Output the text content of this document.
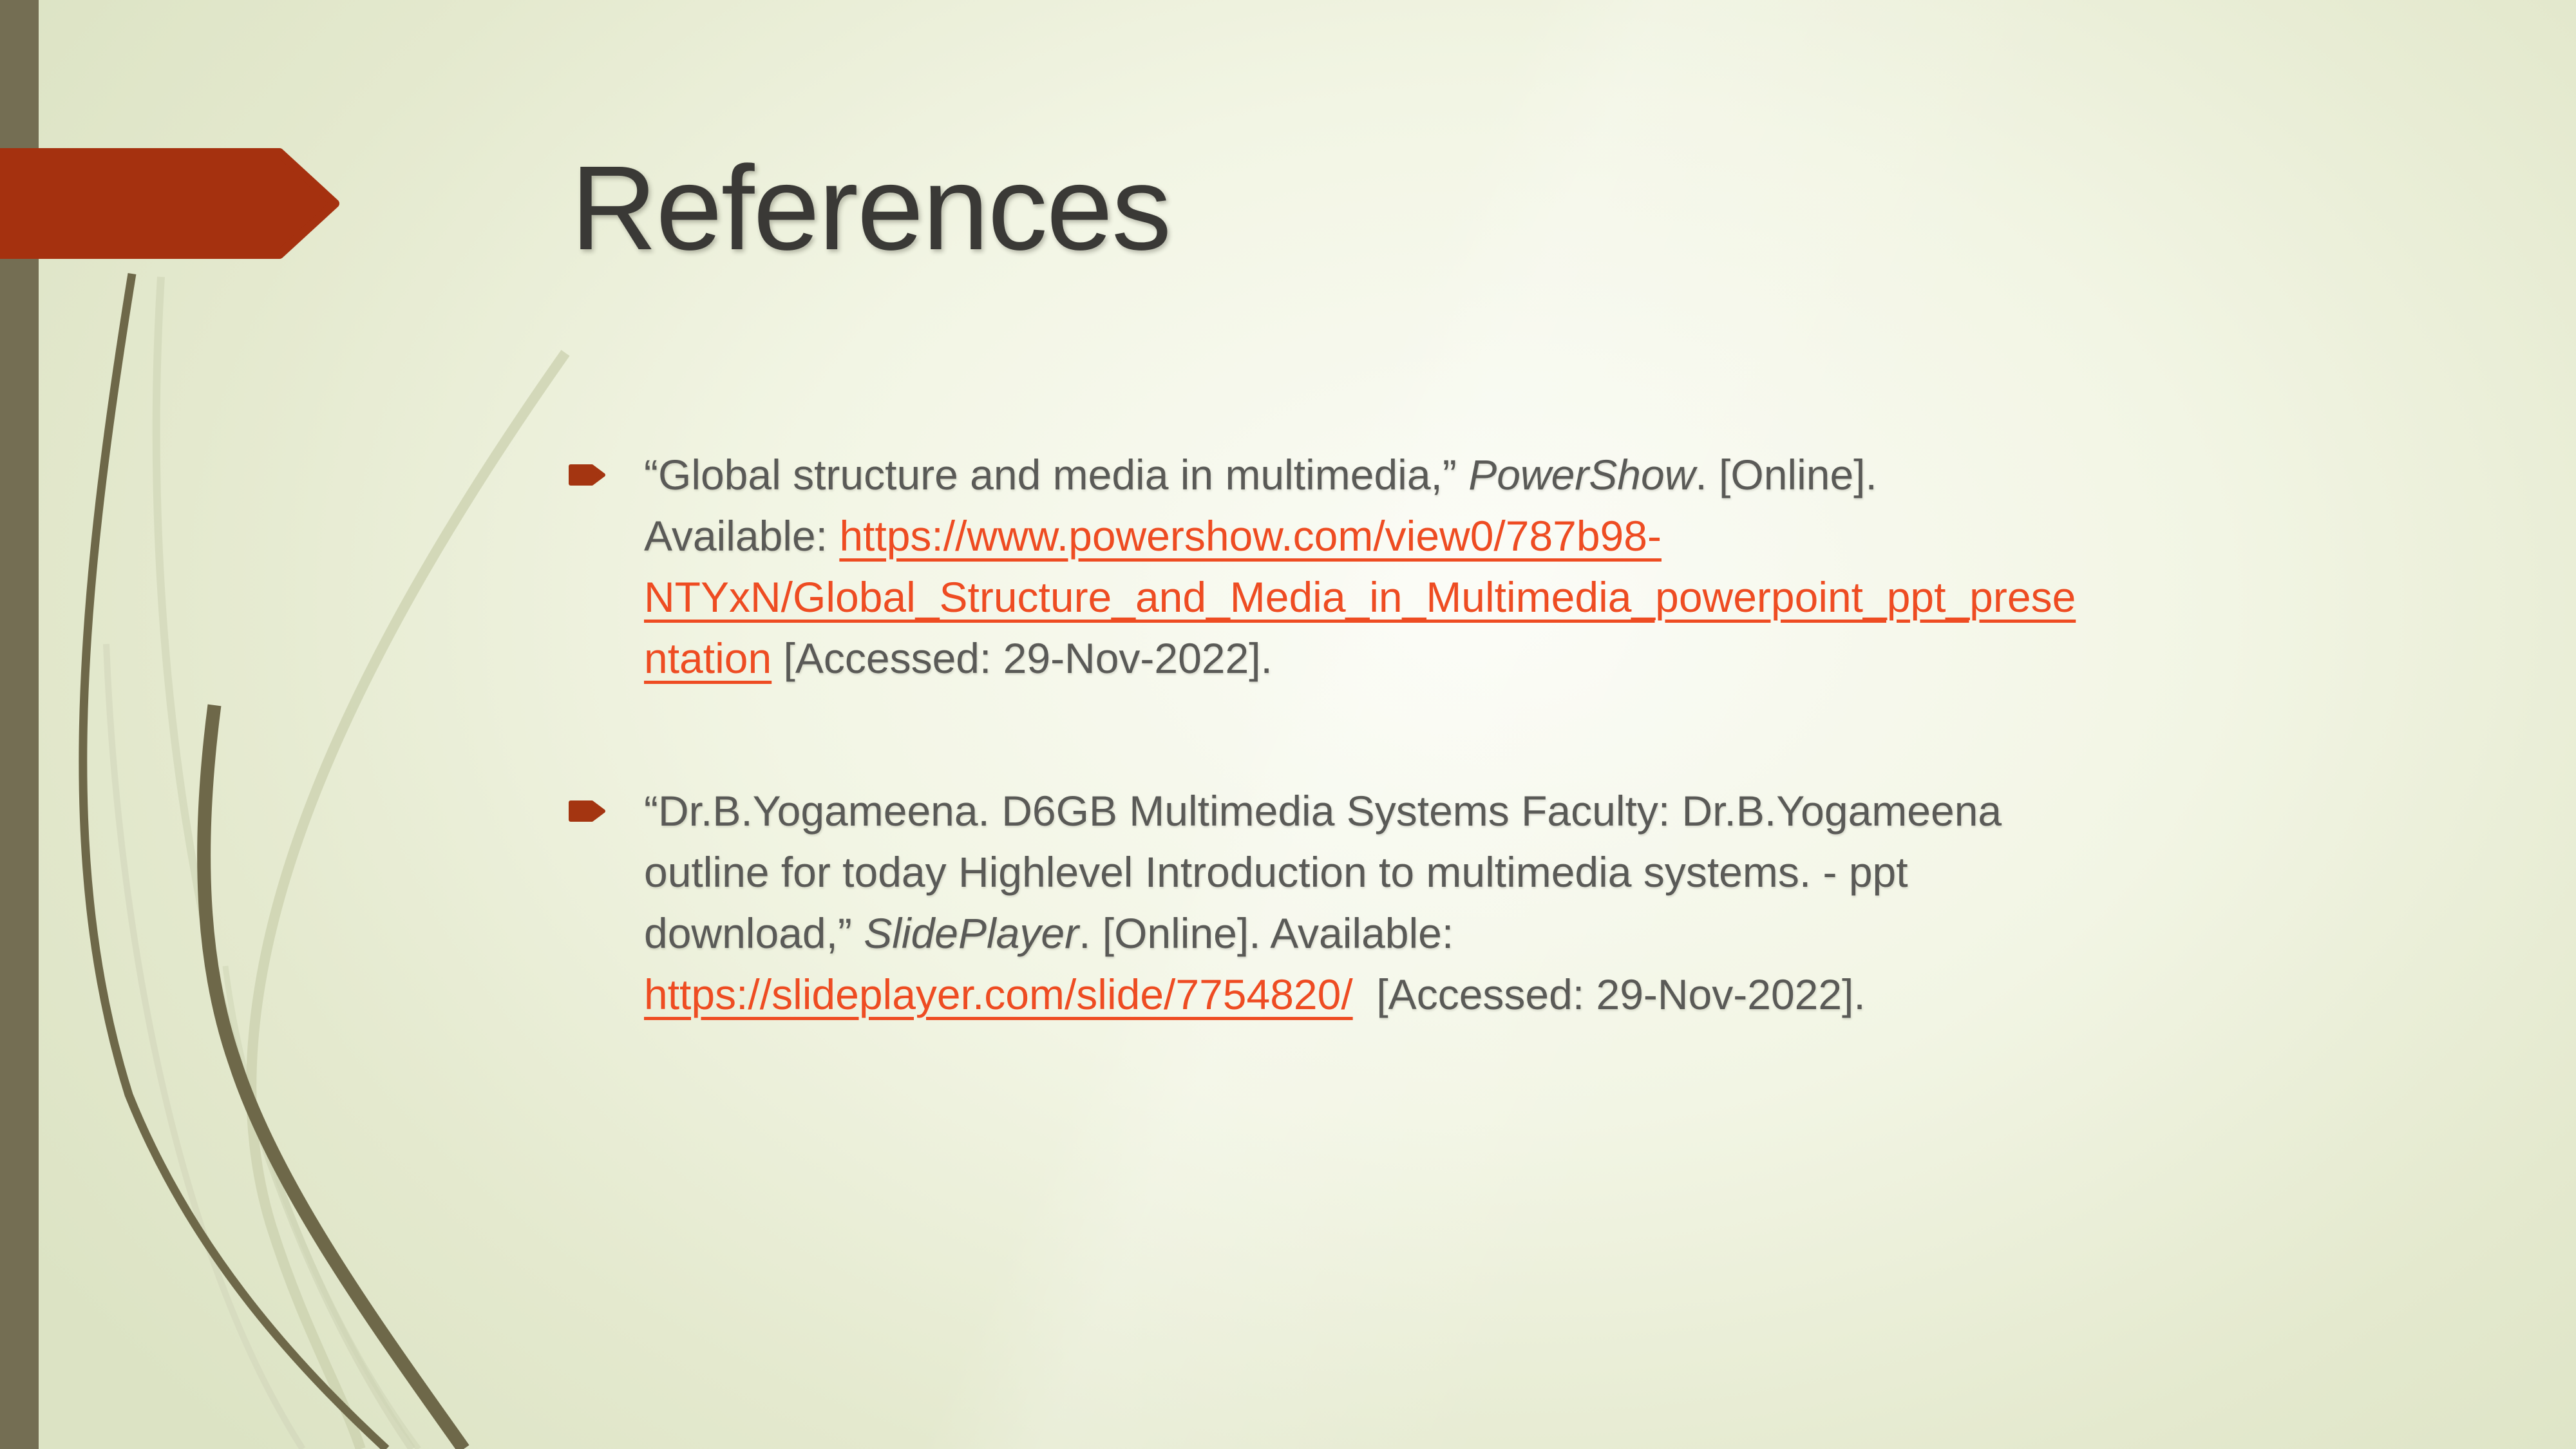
References
“Global structure and media in multimedia,” PowerShow. [Online].
Available: https://www.powershow.com/view0/787b98-
NTYxN/Global_Structure_and_Media_in_Multimedia_powerpoint_ppt_prese
ntation [Accessed: 29-Nov-2022].
“Dr.B.Yogameena. D6GB Multimedia Systems Faculty: Dr.B.Yogameena
outline for today Highlevel Introduction to multimedia systems. - ppt
download,” SlidePlayer. [Online]. Available:
https://slideplayer.com/slide/7754820/  [Accessed: 29-Nov-2022].
